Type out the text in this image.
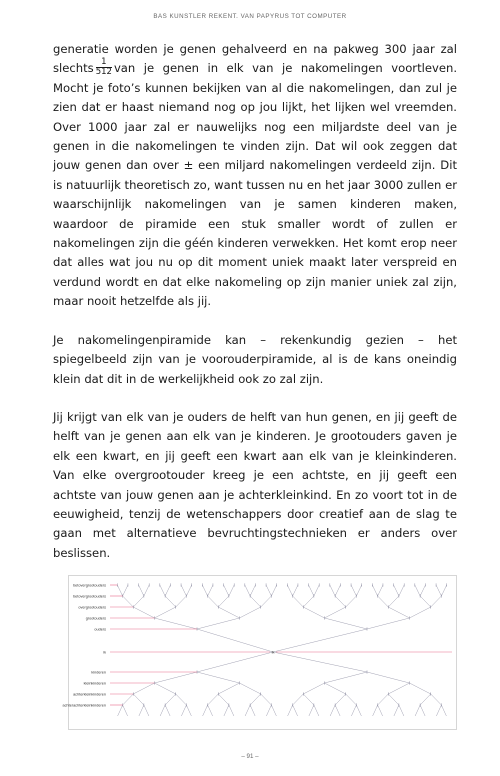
BAS KUNSTLER REKENT. VAN PAPYRUS TOT COMPUTER

generatie worden je genen gehalveerd en na pakweg 300 jaar zal slechts $\frac{1}{512}$ van je genen in elk van je nakomelingen voortleven. Mocht je foto’s kunnen bekijken van al die nakomelingen, dan zul je zien dat er haast niemand nog op jou lijkt, het lijken wel vreemden. Over 1000 jaar zal er nauwelijks nog een miljardste deel van je genen in die nakomelingen te vinden zijn. Dat wil ook zeggen dat jouw genen dan over ± een miljard nakomelingen verdeeld zijn. Dit is natuurlijk theoretisch zo, want tussen nu en het jaar 3000 zullen er waarschijnlijk nakomelingen van je samen kinderen maken, waardoor de piramide een stuk smaller wordt of zullen er nakomelingen zijn die géén kinderen verwekken. Het komt erop neer dat alles wat jou nu op dit moment uniek maakt later verspreid en verdund wordt en dat elke nakomeling op zijn manier uniek zal zijn, maar nooit hetzelfde als jij.

Je nakomelingenpiramide kan – rekenkundig gezien – het spiegelbeeld zijn van je voorouderpiramide, al is de kans oneindig klein dat dit in de werkelijkheid ook zo zal zijn.

Jij krijgt van elk van je ouders de helft van hun genen, en jij geeft de helft van je genen aan elk van je kinderen. Je grootouders gaven je elk een kwart, en jij geeft een kwart aan elk van je kleinkinderen. Van elke overgrootouder kreeg je een achtste, en jij geeft een achtste van jouw genen aan je achterkleinkind. En zo voort tot in de eeuwigheid, tenzij de wetenschappers door creatief aan de slag te gaan met alternatieve bevruchtingstechnieken er anders over beslissen.

betovergrootouders
betovergrootouders
overgrootouders
grootouders
ouders
ik	ik
kinderen
kleinkinderen
achterkleinkinderen
achterachterkleinkinderen
– 91 –
